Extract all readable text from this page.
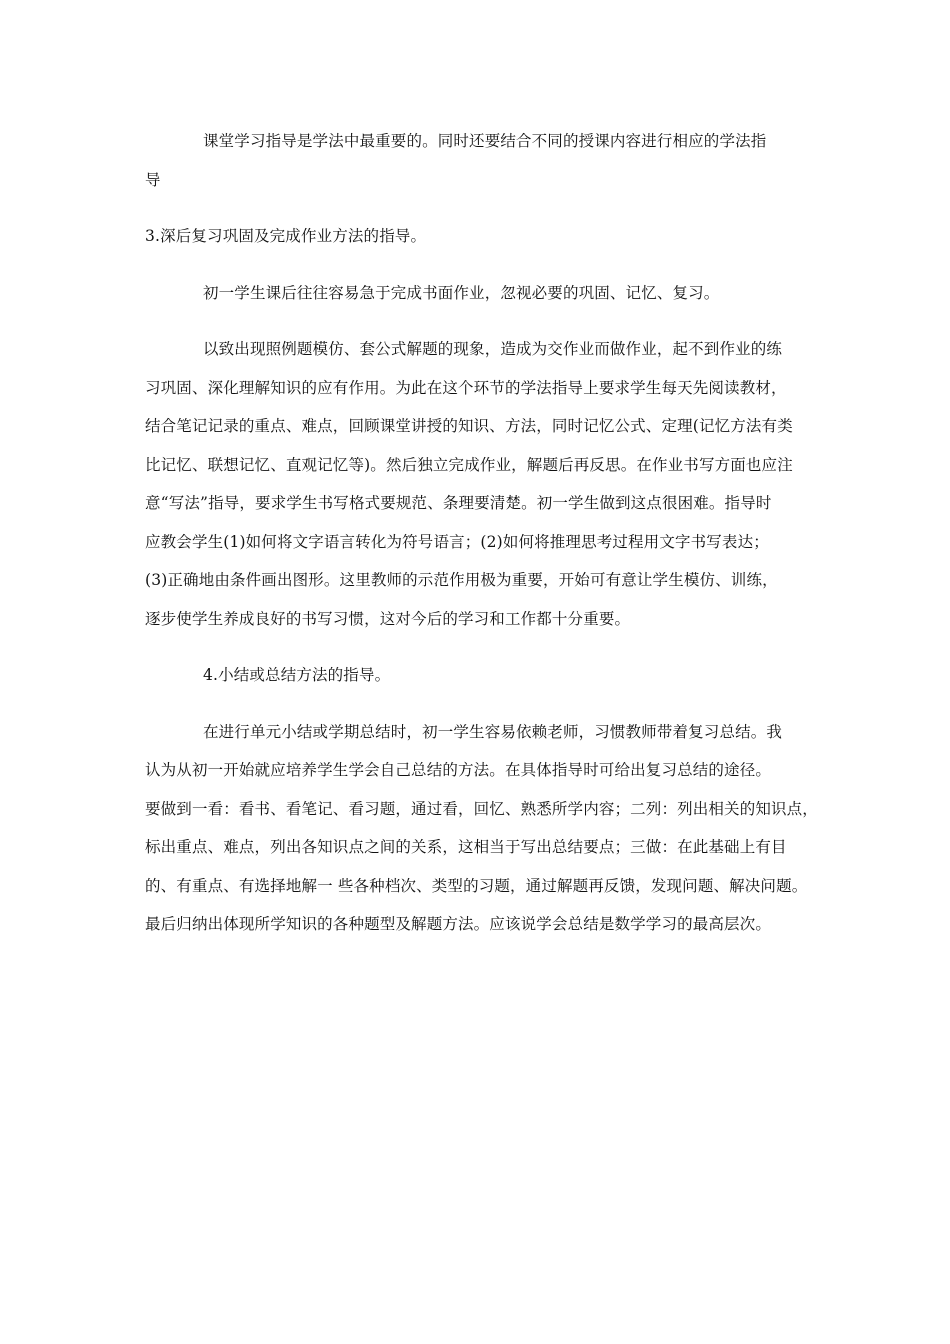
课堂学习指导是学法中最重要的。同时还要结合不同的授课内容进行相应的学法指
导
3.深后复习巩固及完成作业方法的指导。
初一学生课后往往容易急于完成书面作业，忽视必要的巩固、记忆、复习。
以致出现照例题模仿、套公式解题的现象，造成为交作业而做作业，起不到作业的练
习巩固、深化理解知识的应有作用。为此在这个环节的学法指导上要求学生每天先阅读教材，
结合笔记记录的重点、难点，回顾课堂讲授的知识、方法，同时记忆公式、定理(记忆方法有类
比记忆、联想记忆、直观记忆等)。然后独立完成作业，解题后再反思。在作业书写方面也应注
意“写法”指导，要求学生书写格式要规范、条理要清楚。初一学生做到这点很困难。指导时
应教会学生(1)如何将文字语言转化为符号语言；(2)如何将推理思考过程用文字书写表达；
(3)正确地由条件画出图形。这里教师的示范作用极为重要，开始可有意让学生模仿、训练，
逐步使学生养成良好的书写习惯，这对今后的学习和工作都十分重要。
4.小结或总结方法的指导。
在进行单元小结或学期总结时，初一学生容易依赖老师，习惯教师带着复习总结。我
认为从初一开始就应培养学生学会自己总结的方法。在具体指导时可给出复习总结的途径。
要做到一看：看书、看笔记、看习题，通过看，回忆、熟悉所学内容；二列：列出相关的知识点，
标出重点、难点，列出各知识点之间的关系，这相当于写出总结要点；三做：在此基础上有目
的、有重点、有选择地解一 些各种档次、类型的习题，通过解题再反馈，发现问题、解决问题。
最后归纳出体现所学知识的各种题型及解题方法。应该说学会总结是数学学习的最高层次。
